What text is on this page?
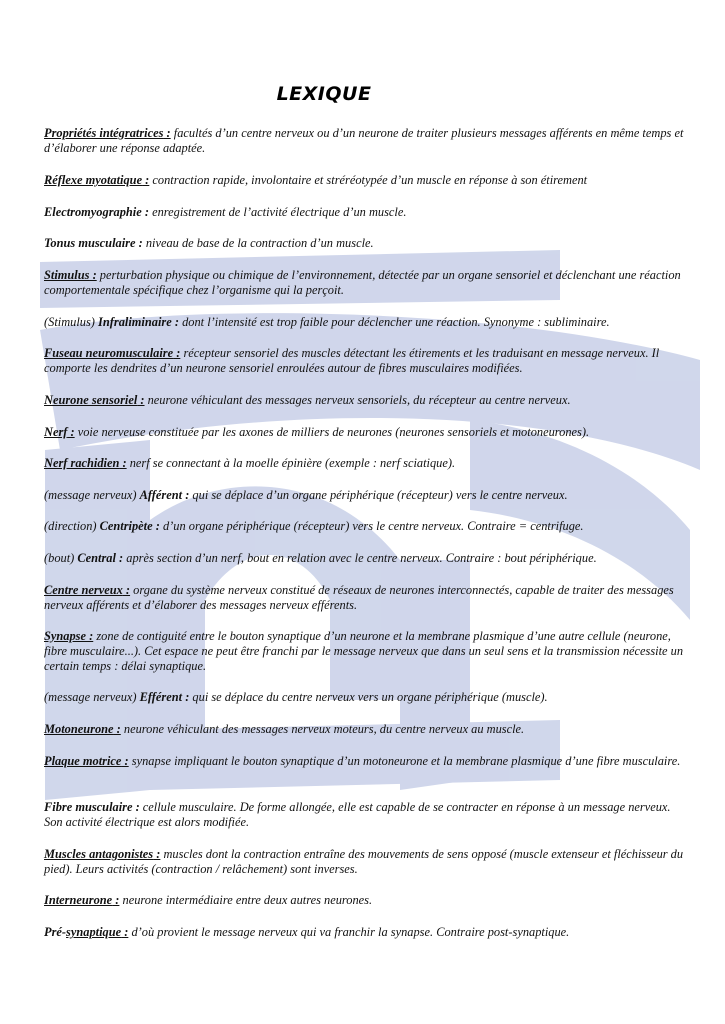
LEXIQUE

Propriétés intégratrices : facultés d’un centre nerveux ou d’un neurone de traiter plusieurs messages afférents en même temps et d’élaborer une réponse adaptée.

Réflexe myotatique : contraction rapide, involontaire et stréréotypée d’un muscle en réponse à son étirement

Electromyographie : enregistrement de l’activité électrique d’un muscle.

Tonus musculaire : niveau de base de la contraction d’un muscle.

Stimulus : perturbation physique ou chimique de l’environnement, détectée par un organe sensoriel et déclenchant une réaction comportementale spécifique chez l’organisme qui la perçoit.

(Stimulus) Infraliminaire : dont l’intensité est trop faible pour déclencher une réaction. Synonyme : subliminaire.

Fuseau neuromusculaire : récepteur sensoriel des muscles détectant les étirements et les traduisant en message nerveux. Il comporte les dendrites d’un neurone sensoriel enroulées autour de fibres musculaires modifiées.

Neurone sensoriel : neurone véhiculant des messages nerveux sensoriels, du récepteur au centre nerveux.

Nerf : voie nerveuse constituée par les axones de milliers de neurones (neurones sensoriels et motoneurones).

Nerf rachidien : nerf se connectant à la moelle épinière (exemple : nerf sciatique).

(message nerveux) Afférent : qui se déplace d’un organe périphérique (récepteur) vers le centre nerveux.

(direction) Centripète : d’un organe périphérique (récepteur) vers le centre nerveux. Contraire = centrifuge.

(bout) Central : après section d’un nerf, bout en relation avec le centre nerveux. Contraire : bout périphérique.

Centre nerveux : organe du système nerveux constitué de réseaux de neurones interconnectés, capable de traiter des messages nerveux afférents et d’élaborer des messages nerveux efférents.

Synapse : zone de contiguité entre le bouton synaptique d’un neurone et la membrane plasmique d’une autre cellule (neurone, fibre musculaire...). Cet espace ne peut être franchi par le message nerveux que dans un seul sens et la transmission nécessite un certain temps : délai synaptique.

(message nerveux) Efférent : qui se déplace du centre nerveux vers un organe périphérique (muscle).

Motoneurone : neurone véhiculant des messages nerveux moteurs, du centre nerveux au muscle.

Plaque motrice : synapse impliquant le bouton synaptique d’un motoneurone et la membrane plasmique d’une fibre musculaire.

Fibre musculaire : cellule musculaire. De forme allongée, elle est capable de se contracter en réponse à un message nerveux. Son activité électrique est alors modifiée.

Muscles antagonistes : muscles dont la contraction entraîne des mouvements de sens opposé (muscle extenseur et fléchisseur du pied). Leurs activités (contraction / relâchement) sont inverses.

Interneurone : neurone intermédiaire entre deux autres neurones.

Pré-synaptique : d’où provient le message nerveux qui va franchir la synapse. Contraire post-synaptique.
